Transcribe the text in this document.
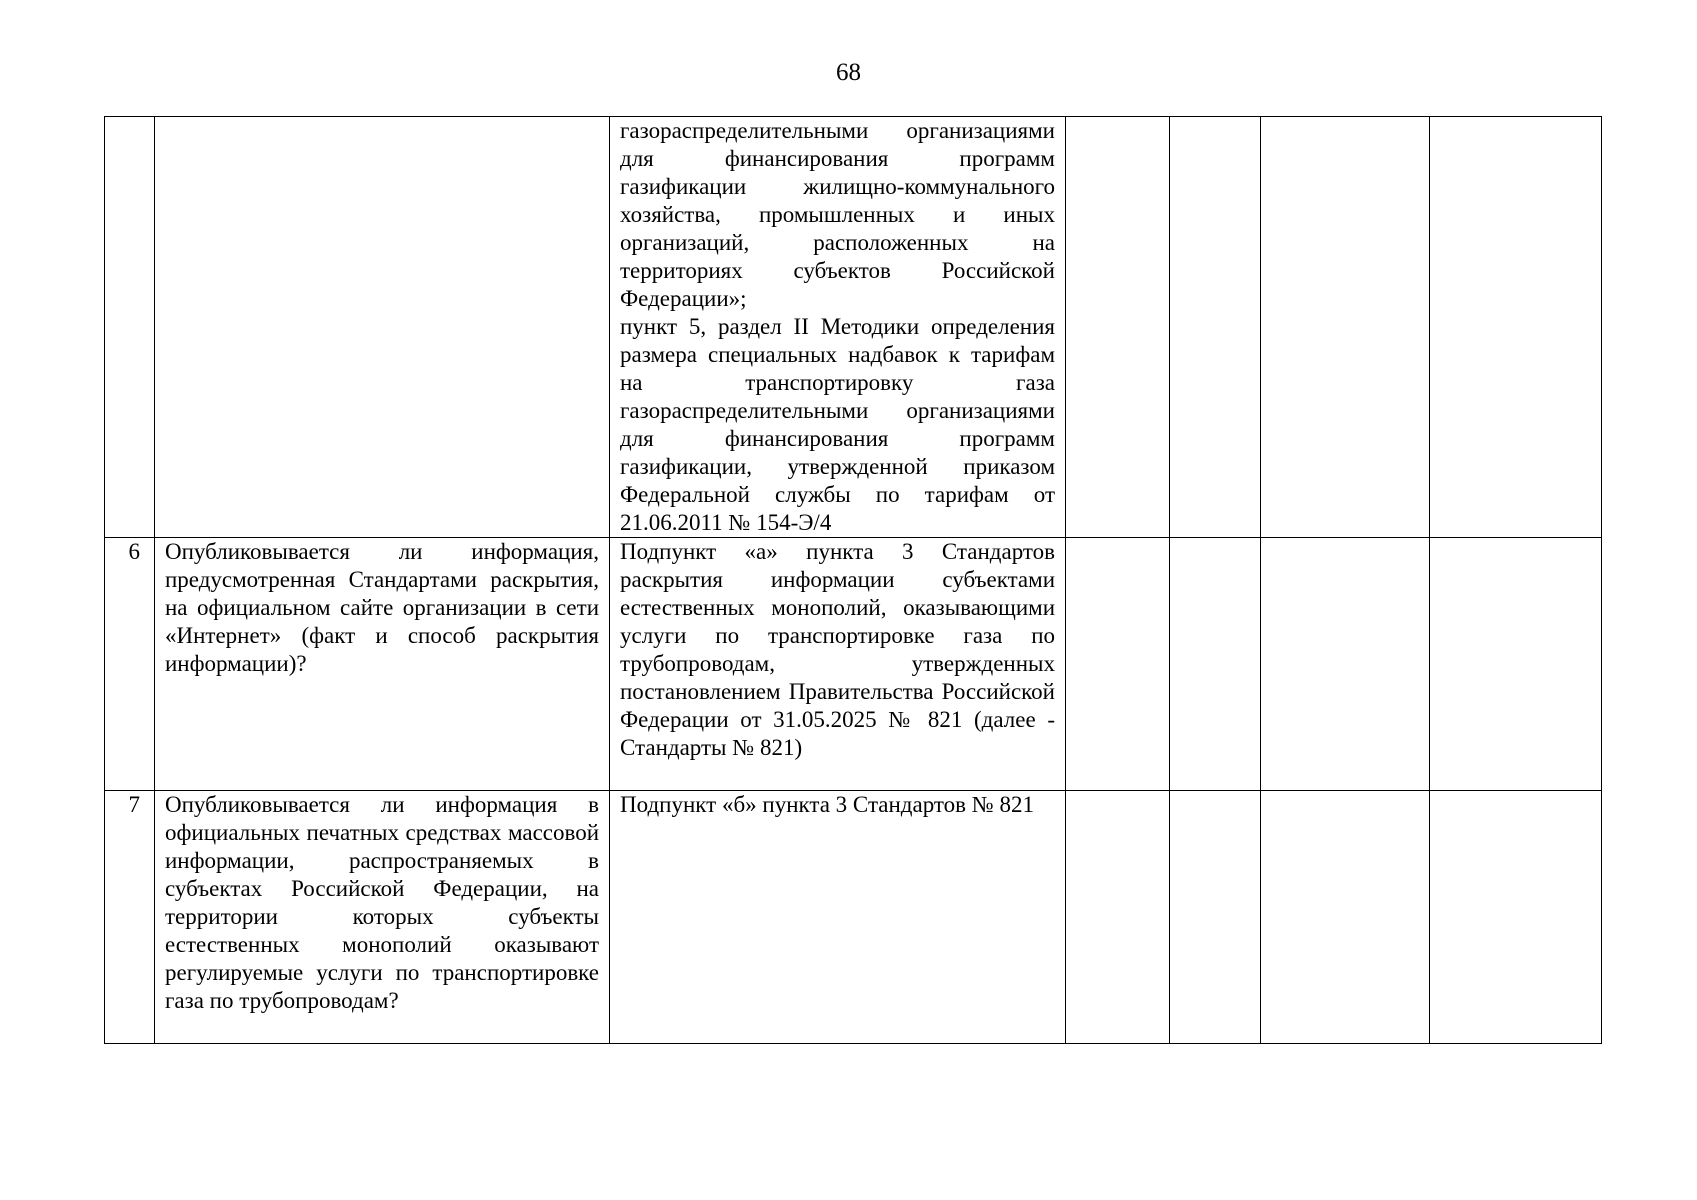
68

		газораспределительными организациями для финансирования программ газификации жилищно-коммунального хозяйства, промышленных и иных организаций, расположенных на территориях субъектов Российской Федерации»;
пункт 5, раздел II Методики определения размера специальных надбавок к тарифам на транспортировку газа газораспределительными организациями для финансирования программ газификации, утвержденной приказом Федеральной службы по тарифам от 21.06.2011 № 154-Э/4				

6	Опубликовывается ли информация, предусмотренная Стандартами раскрытия, на официальном сайте организации в сети «Интернет» (факт и способ раскрытия информации)?	Подпункт «а» пункта 3 Стандартов раскрытия информации субъектами естественных монополий, оказывающими услуги по транспортировке газа по трубопроводам, утвержденных постановлением Правительства Российской Федерации от 31.05.2025 № 821 (далее - Стандарты № 821)				

7	Опубликовывается ли информация в официальных печатных средствах массовой информации, распространяемых в субъектах Российской Федерации, на территории которых субъекты естественных монополий оказывают регулируемые услуги по транспортировке газа по трубопроводам?	Подпункт «б» пункта 3 Стандартов № 821				
